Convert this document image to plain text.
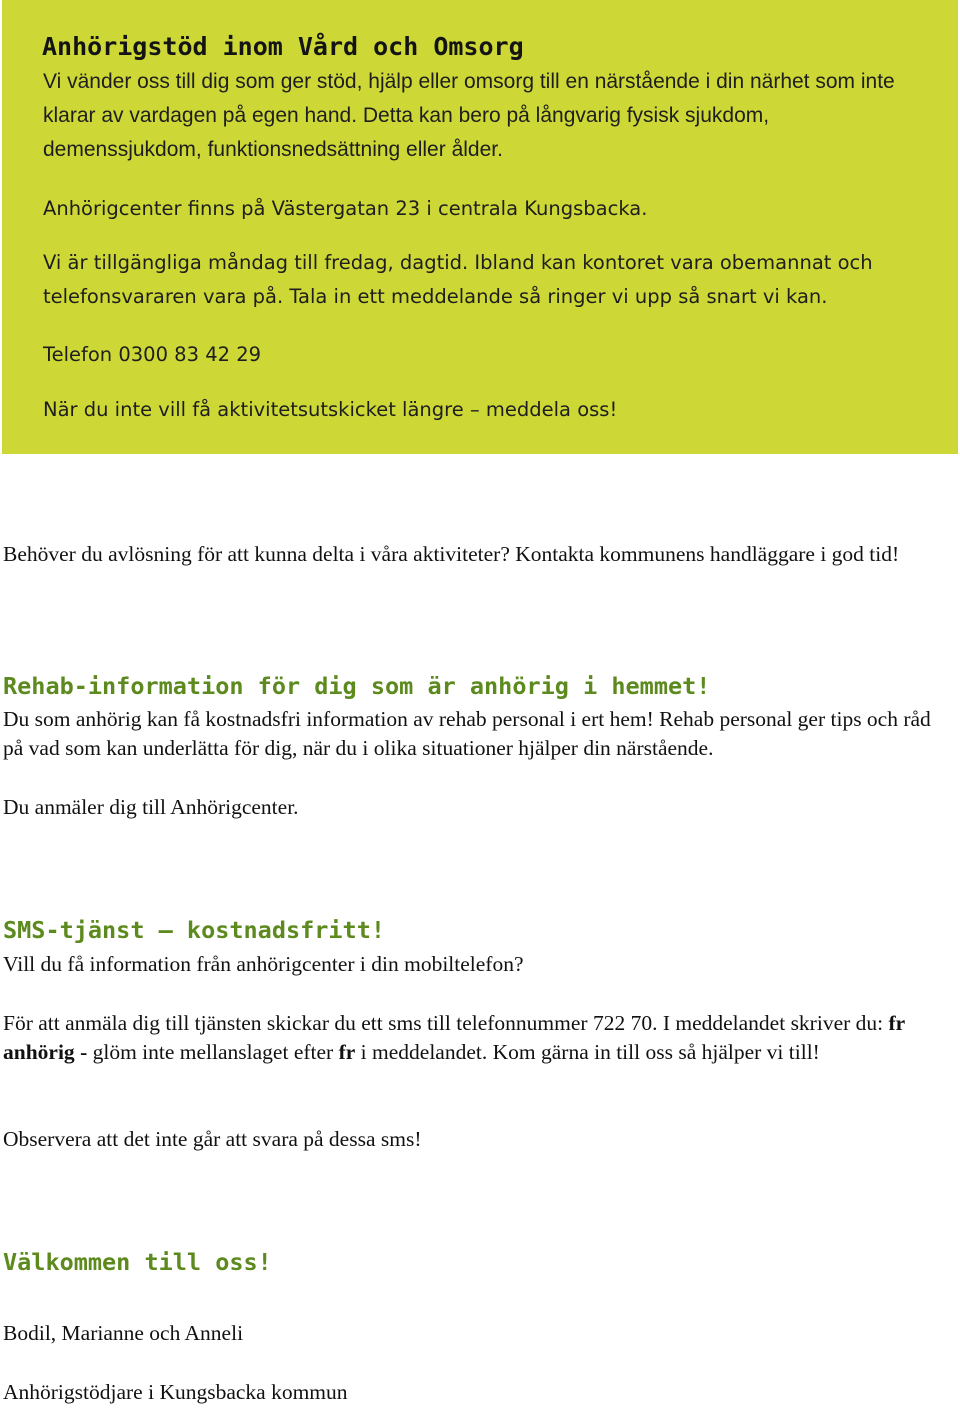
Anhörigstöd inom Vård och Omsorg

Vi vänder oss till dig som ger stöd, hjälp eller omsorg till en närstående i din närhet som inte klarar av vardagen på egen hand. Detta kan bero på långvarig fysisk sjukdom, demenssjukdom, funktionsnedsättning eller ålder.

Anhörigcenter finns på Västergatan 23 i centrala Kungsbacka.

Vi är tillgängliga måndag till fredag, dagtid. Ibland kan kontoret vara obemannat och

telefonsvararen vara på. Tala in ett meddelande så ringer vi upp så snart vi kan.

Telefon 0300 83 42 29

När du inte vill få aktivitetsutskicket längre – meddela oss!

Behöver du avlösning för att kunna delta i våra aktiviteter? Kontakta kommunens handläggare i god tid!

Rehab-information för dig som är anhörig i hemmet!

Du som anhörig kan få kostnadsfri information av rehab personal i ert hem! Rehab personal ger tips och råd på vad som kan underlätta för dig, när du i olika situationer hjälper din närstående.

Du anmäler dig till Anhörigcenter.

SMS-tjänst – kostnadsfritt!

Vill du få information från anhörigcenter i din mobiltelefon?

För att anmäla dig till tjänsten skickar du ett sms till telefonnummer 722 70. I meddelandet skriver du: fr anhörig - glöm inte mellanslaget efter fr i meddelandet. Kom gärna in till oss så hjälper vi till!

Observera att det inte går att svara på dessa sms!

Välkommen till oss!

Bodil, Marianne och Anneli

Anhörigstödjare i Kungsbacka kommun
